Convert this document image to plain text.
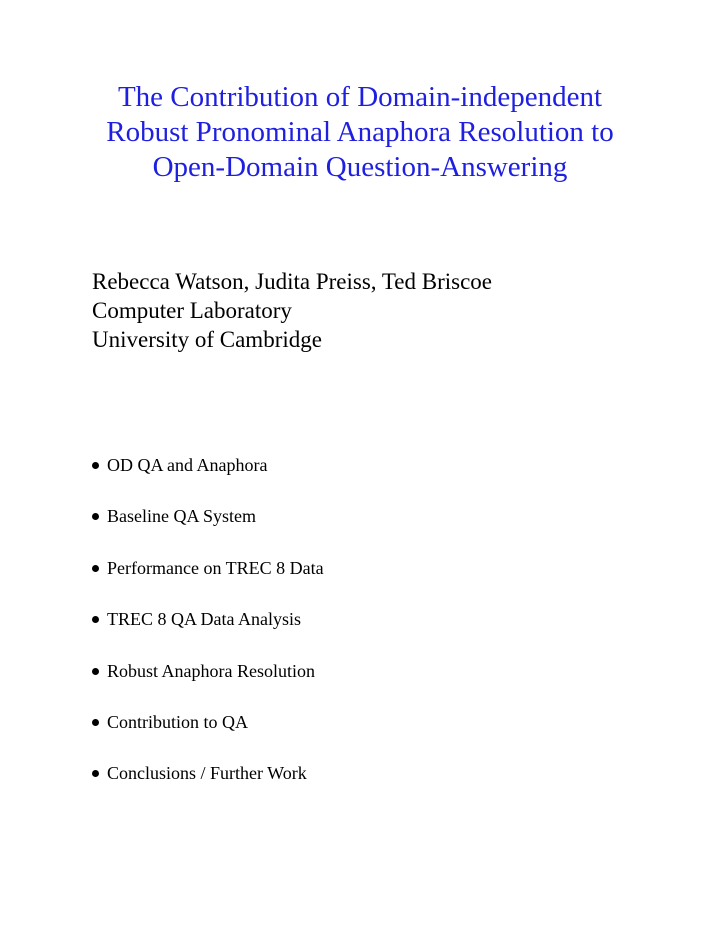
The Contribution of Domain-independent
Robust Pronominal Anaphora Resolution to
Open-Domain Question-Answering
Rebecca Watson, Judita Preiss, Ted Briscoe
Computer Laboratory
University of Cambridge
OD QA and Anaphora
Baseline QA System
Performance on TREC 8 Data
TREC 8 QA Data Analysis
Robust Anaphora Resolution
Contribution to QA
Conclusions / Further Work
